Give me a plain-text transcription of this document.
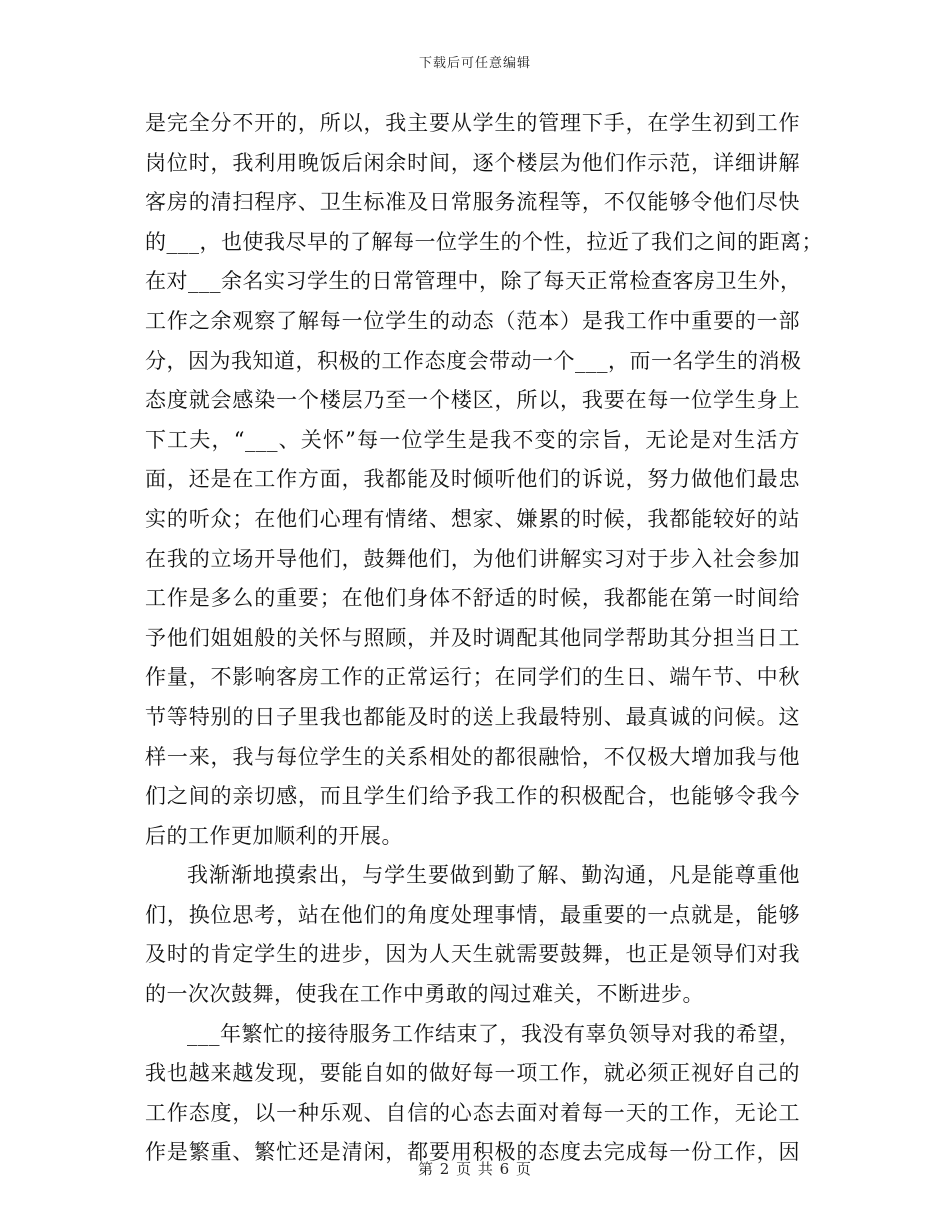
下载后可任意编辑
是完全分不开的，所以，我主要从学生的管理下手，在学生初到工作
岗位时，我利用晚饭后闲余时间，逐个楼层为他们作示范，详细讲解
客房的清扫程序、卫生标准及日常服务流程等，不仅能够令他们尽快
的___，也使我尽早的了解每一位学生的个性，拉近了我们之间的距离；
在对___余名实习学生的日常管理中，除了每天正常检查客房卫生外，
工作之余观察了解每一位学生的动态（范本）是我工作中重要的一部
分，因为我知道，积极的工作态度会带动一个___，而一名学生的消极
态度就会感染一个楼层乃至一个楼区，所以，我要在每一位学生身上
下工夫，“___、关怀”每一位学生是我不变的宗旨，无论是对生活方
面，还是在工作方面，我都能及时倾听他们的诉说，努力做他们最忠
实的听众；在他们心理有情绪、想家、嫌累的时候，我都能较好的站
在我的立场开导他们，鼓舞他们，为他们讲解实习对于步入社会参加
工作是多么的重要；在他们身体不舒适的时候，我都能在第一时间给
予他们姐姐般的关怀与照顾，并及时调配其他同学帮助其分担当日工
作量，不影响客房工作的正常运行；在同学们的生日、端午节、中秋
节等特别的日子里我也都能及时的送上我最特别、最真诚的问候。这
样一来，我与每位学生的关系相处的都很融恰，不仅极大增加我与他
们之间的亲切感，而且学生们给予我工作的积极配合，也能够令我今
后的工作更加顺利的开展。
我渐渐地摸索出，与学生要做到勤了解、勤沟通，凡是能尊重他
们，换位思考，站在他们的角度处理事情，最重要的一点就是，能够
及时的肯定学生的进步，因为人天生就需要鼓舞，也正是领导们对我
的一次次鼓舞，使我在工作中勇敢的闯过难关，不断进步。
___年繁忙的接待服务工作结束了，我没有辜负领导对我的希望，
我也越来越发现，要能自如的做好每一项工作，就必须正视好自己的
工作态度，以一种乐观、自信的心态去面对着每一天的工作，无论工
作是繁重、繁忙还是清闲，都要用积极的态度去完成每一份工作，因
第 2 页 共 6 页
